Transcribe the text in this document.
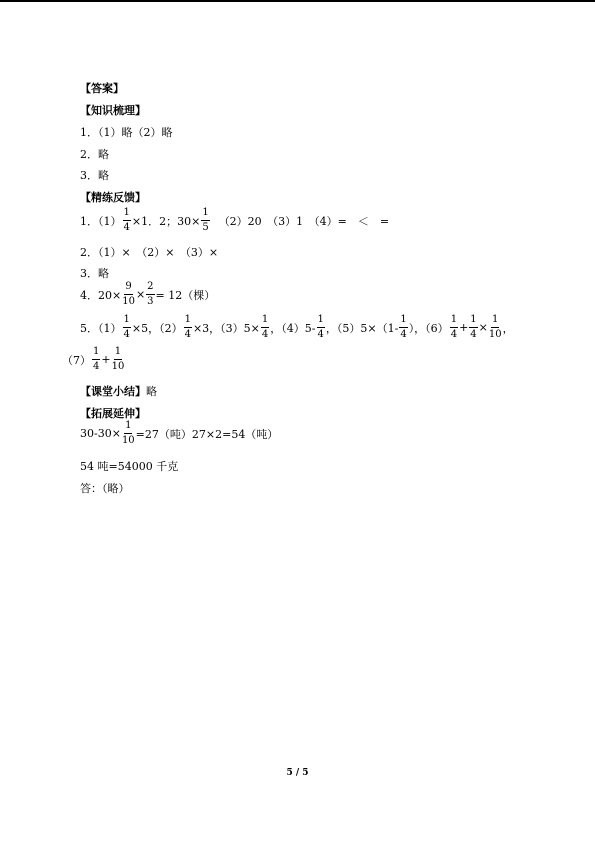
【答案】
【知识梳理】
1．（1）略（2）略
2．略
3．略
【精练反馈】
1．$(1) \frac{1}{4} \times 1$．2；$30\times \frac{1}{5} (2)20$　（3）1　（4）=　＜　=
2．（1）×　（2）×　（3）×
3．略
4．$20\times \frac{9}{10} \times \frac{2}{3} = 12$（棵）
5．$(1) \frac{1}{4} \times 5$，$(2) \frac{1}{4} \times 3$，$(3)5\times \frac{1}{4}$ ，$(4)5- \frac{1}{4}$ ，$(5)5\times(1- \frac{1}{4}$ ），$(6) \frac{1}{4} + \frac{1}{4} \times \frac{1}{10}$ ，
$(7) \frac{1}{4} + \frac{1}{10}$
【课堂小结】 略
【拓展延伸】
$30-30\times \frac{1}{10} =27$（吨）27×2=54（吨）
54 吨=54000 千克
答：（略）
5 / 5
